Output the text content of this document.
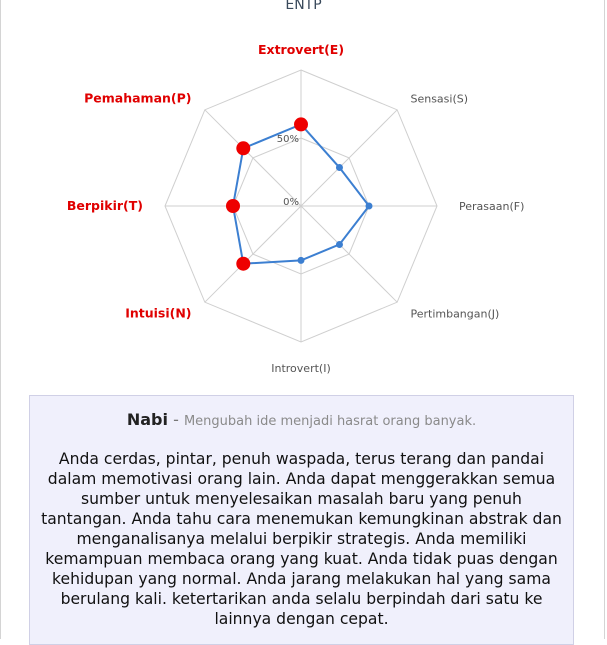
ENTP
0%
50%
Extrovert(E)
Sensasi(S)
Perasaan(F)
Pertimbangan(J)
Introvert(I)
Intuisi(N)
Berpikir(T)
Pemahaman(P)
Nabi - Mengubah ide menjadi hasrat orang banyak.
Anda cerdas, pintar, penuh waspada, terus terang dan pandai dalam memotivasi orang lain. Anda dapat menggerakkan semua sumber untuk menyelesaikan masalah baru yang penuh tantangan. Anda tahu cara menemukan kemungkinan abstrak dan menganalisanya melalui berpikir strategis. Anda memiliki kemampuan membaca orang yang kuat. Anda tidak puas dengan kehidupan yang normal. Anda jarang melakukan hal yang sama berulang kali. ketertarikan anda selalu berpindah dari satu ke lainnya dengan cepat.
